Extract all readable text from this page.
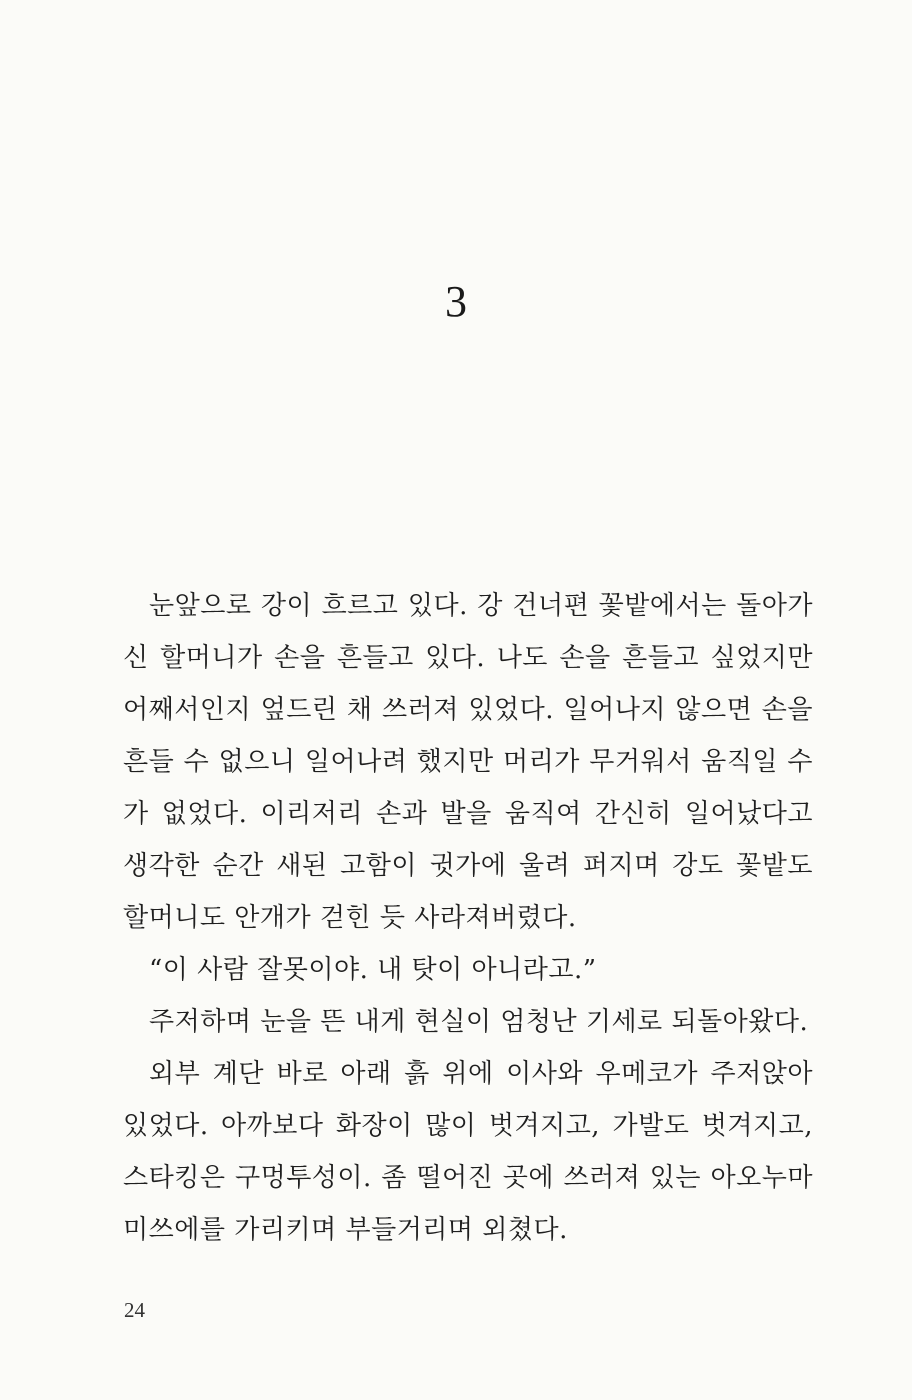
3

눈앞으로 강이 흐르고 있다. 강 건너편 꽃밭에서는 돌아가신 할머니가 손을 흔들고 있다. 나도 손을 흔들고 싶었지만 어째서인지 엎드린 채 쓰러져 있었다. 일어나지 않으면 손을 흔들 수 없으니 일어나려 했지만 머리가 무거워서 움직일 수가 없었다. 이리저리 손과 발을 움직여 간신히 일어났다고 생각한 순간 새된 고함이 귓가에 울려 퍼지며 강도 꽃밭도 할머니도 안개가 걷힌 듯 사라져버렸다.

“이 사람 잘못이야. 내 탓이 아니라고.”

주저하며 눈을 뜬 내게 현실이 엄청난 기세로 되돌아왔다.

외부 계단 바로 아래 흙 위에 이사와 우메코가 주저앉아 있었다. 아까보다 화장이 많이 벗겨지고, 가발도 벗겨지고, 스타킹은 구멍투성이. 좀 떨어진 곳에 쓰러져 있는 아오누마 미쓰에를 가리키며 부들거리며 외쳤다.

24
